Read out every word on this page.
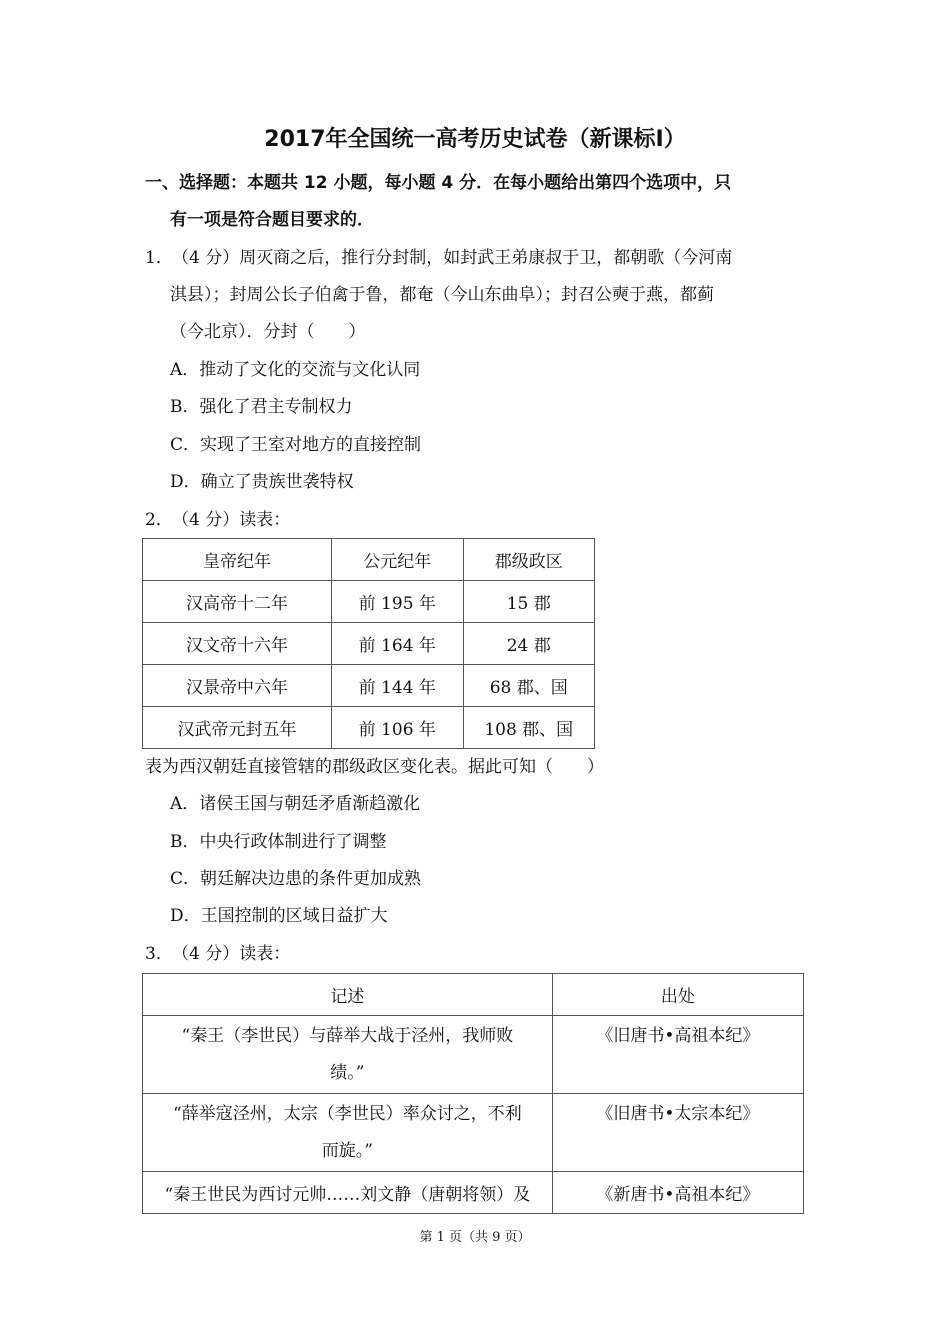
2017年全国统一高考历史试卷（新课标Ⅰ）
一、选择题：本题共 12 小题，每小题 4 分．在每小题给出第四个选项中，只
有一项是符合题目要求的．
1． （4 分）周灭商之后，推行分封制，如封武王弟康叔于卫，都朝歌（今河南
淇县）；封周公长子伯禽于鲁，都奄（今山东曲阜）；封召公奭于燕，都蓟
（今北京）．分封（　　）
A．推动了文化的交流与文化认同
B．强化了君主专制权力
C．实现了王室对地方的直接控制
D．确立了贵族世袭特权
2． （4 分）读表：
皇帝纪年	公元纪年	郡级政区
汉高帝十二年	前 195 年	15 郡
汉文帝十六年	前 164 年	24 郡
汉景帝中六年	前 144 年	68 郡、国
汉武帝元封五年	前 106 年	108 郡、国
表为西汉朝廷直接管辖的郡级政区变化表。据此可知（　　）
A．诸侯王国与朝廷矛盾渐趋激化
B．中央行政体制进行了调整
C．朝廷解决边患的条件更加成熟
D．王国控制的区域日益扩大
3． （4 分）读表：
记述	出处

“秦王（李世民）与薛举大战于泾州，我师败
绩。”	《旧唐书•高祖本纪》

“薛举寇泾州，太宗（李世民）率众讨之，不利
而旋。”	《旧唐书•太宗本纪》
“秦王世民为西讨元帅……刘文静（唐朝将领）及	《新唐书•高祖本纪》
第 1 页（共 9 页）
